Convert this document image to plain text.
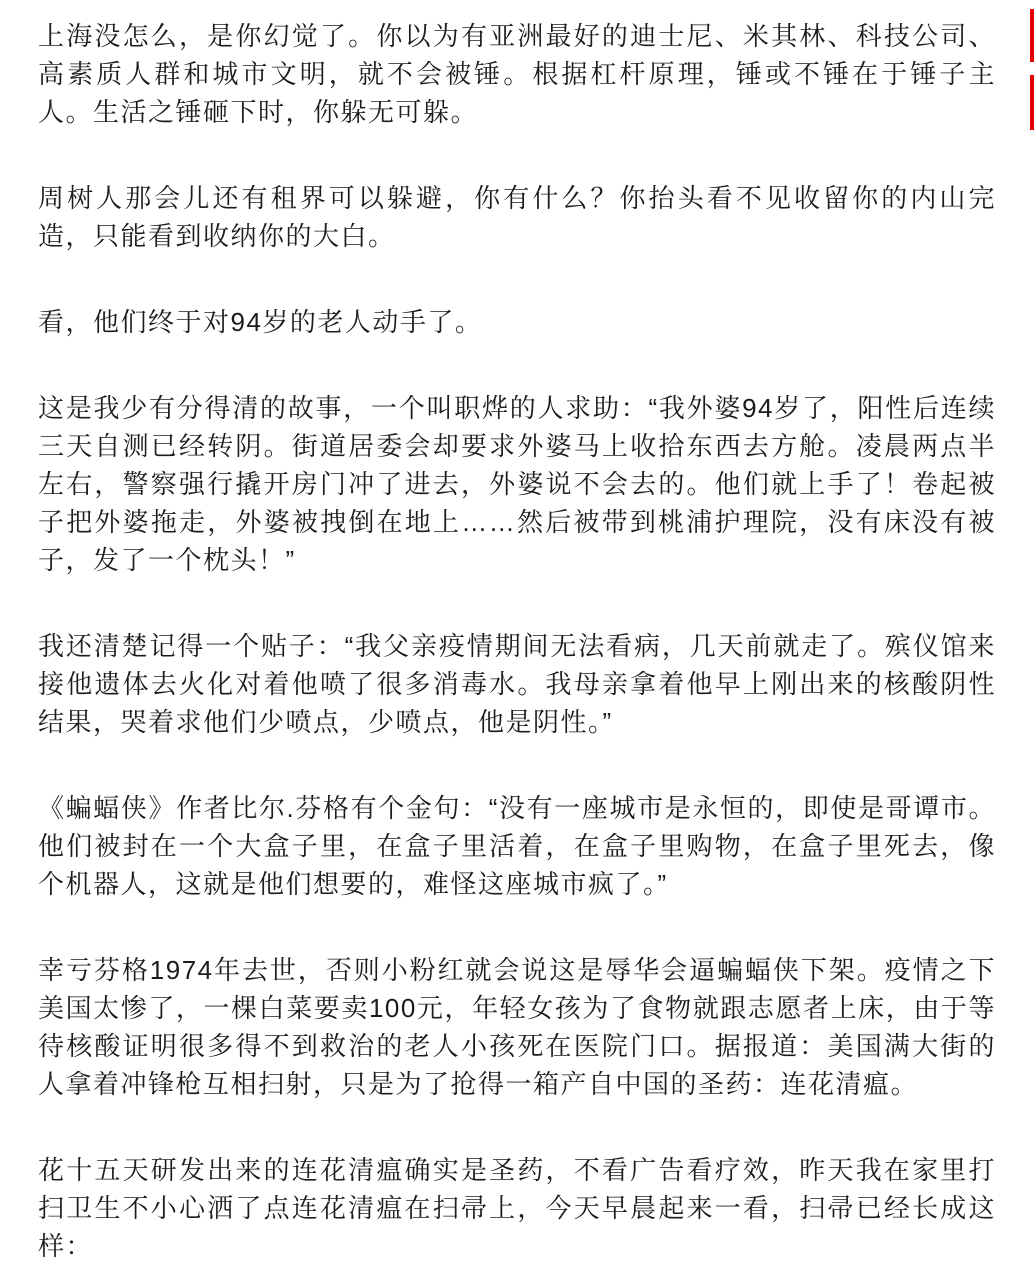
上海没怎么，是你幻觉了。你以为有亚洲最好的迪士尼、米其林、科技公司、高素质人群和城市文明，就不会被锤。根据杠杆原理，锤或不锤在于锤子主人。生活之锤砸下时，你躲无可躲。

周树人那会儿还有租界可以躲避，你有什么？你抬头看不见收留你的内山完造，只能看到收纳你的大白。

看，他们终于对94岁的老人动手了。

这是我少有分得清的故事，一个叫职烨的人求助：“我外婆94岁了，阳性后连续三天自测已经转阴。街道居委会却要求外婆马上收拾东西去方舱。凌晨两点半左右，警察强行撬开房门冲了进去，外婆说不会去的。他们就上手了！卷起被子把外婆拖走，外婆被拽倒在地上……然后被带到桃浦护理院，没有床没有被子，发了一个枕头！”

我还清楚记得一个贴子：“我父亲疫情期间无法看病，几天前就走了。殡仪馆来接他遗体去火化对着他喷了很多消毒水。我母亲拿着他早上刚出来的核酸阴性结果，哭着求他们少喷点，少喷点，他是阴性。”

《蝙蝠侠》作者比尔.芬格有个金句：“没有一座城市是永恒的，即使是哥谭市。他们被封在一个大盒子里，在盒子里活着，在盒子里购物，在盒子里死去，像个机器人，这就是他们想要的，难怪这座城市疯了。”

幸亏芬格1974年去世，否则小粉红就会说这是辱华会逼蝙蝠侠下架。疫情之下美国太惨了，一棵白菜要卖100元，年轻女孩为了食物就跟志愿者上床，由于等待核酸证明很多得不到救治的老人小孩死在医院门口。据报道：美国满大街的人拿着冲锋枪互相扫射，只是为了抢得一箱产自中国的圣药：连花清瘟。

花十五天研发出来的连花清瘟确实是圣药，不看广告看疗效，昨天我在家里打扫卫生不小心洒了点连花清瘟在扫帚上，今天早晨起来一看，扫帚已经长成这样：
